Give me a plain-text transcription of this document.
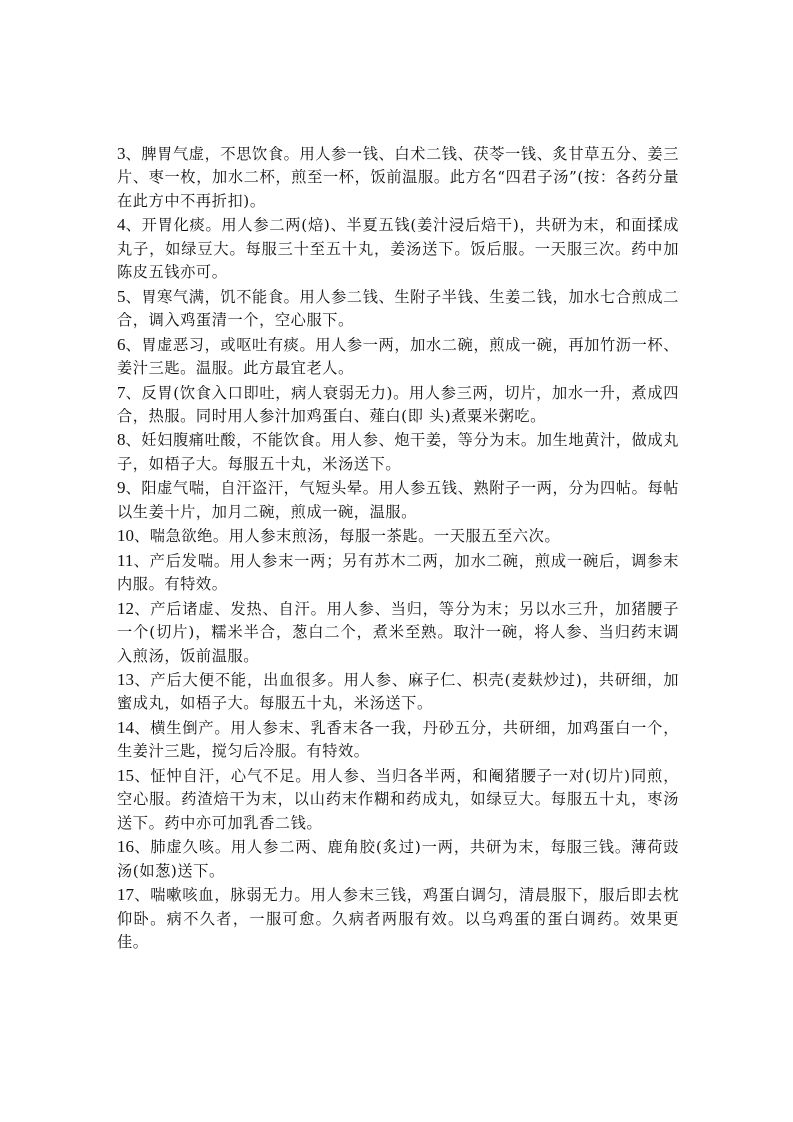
3、脾胃气虚，不思饮食。用人参一钱、白术二钱、茯苓一钱、炙甘草五分、姜三片、枣一枚，加水二杯，煎至一杯，饭前温服。此方名“四君子汤”(按：各药分量在此方中不再折扣)。

4、开胃化痰。用人参二两(焙)、半夏五钱(姜汁浸后焙干)，共研为末，和面揉成丸子，如绿豆大。每服三十至五十丸，姜汤送下。饭后服。一天服三次。药中加陈皮五钱亦可。

5、胃寒气满，饥不能食。用人参二钱、生附子半钱、生姜二钱，加水七合煎成二合，调入鸡蛋清一个，空心服下。

6、胃虚恶习，或呕吐有痰。用人参一两，加水二碗，煎成一碗，再加竹沥一杯、姜汁三匙。温服。此方最宜老人。

7、反胃(饮食入口即吐，病人衰弱无力)。用人参三两，切片，加水一升，煮成四合，热服。同时用人参汁加鸡蛋白、薤白(即 头)煮粟米粥吃。

8、妊妇腹痛吐酸，不能饮食。用人参、炮干姜，等分为末。加生地黄汁，做成丸子，如梧子大。每服五十丸，米汤送下。

9、阳虚气喘，自汗盗汗，气短头晕。用人参五钱、熟附子一两，分为四帖。每帖以生姜十片，加月二碗，煎成一碗，温服。

10、喘急欲绝。用人参末煎汤，每服一茶匙。一天服五至六次。

11、产后发喘。用人参末一两；另有苏木二两，加水二碗，煎成一碗后，调参末内服。有特效。

12、产后诸虚、发热、自汗。用人参、当归，等分为末；另以水三升，加猪腰子一个(切片)，糯米半合，葱白二个，煮米至熟。取汁一碗，将人参、当归药末调入煎汤，饭前温服。

13、产后大便不能，出血很多。用人参、麻子仁、枳壳(麦麸炒过)，共研细，加蜜成丸，如梧子大。每服五十丸，米汤送下。

14、横生倒产。用人参末、乳香末各一我，丹砂五分，共研细，加鸡蛋白一个，生姜汁三匙，搅匀后冷服。有特效。

15、怔忡自汗，心气不足。用人参、当归各半两，和阉猪腰子一对(切片)同煎，空心服。药渣焙干为末，以山药末作糊和药成丸，如绿豆大。每服五十丸，枣汤送下。药中亦可加乳香二钱。

16、肺虚久咳。用人参二两、鹿角胶(炙过)一两，共研为末，每服三钱。薄荷豉汤(如葱)送下。

17、喘嗽咳血，脉弱无力。用人参末三钱，鸡蛋白调匀，清晨服下，服后即去枕仰卧。病不久者，一服可愈。久病者两服有效。以乌鸡蛋的蛋白调药。效果更佳。
